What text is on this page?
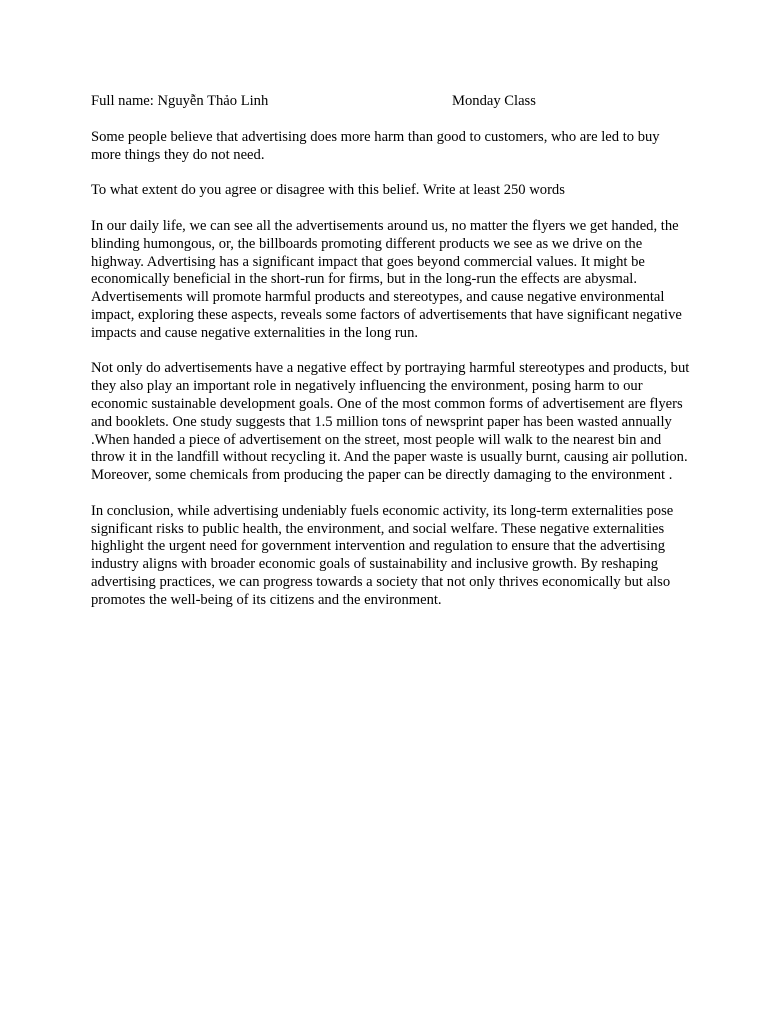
Full name: Nguyễn Thảo Linh	Monday Class

Some people believe that advertising does more harm than good to customers, who are led to buy more things they do not need.

To what extent do you agree or disagree with this belief. Write at least 250 words

In our daily life, we can see all the advertisements around us, no matter the flyers we get handed, the blinding humongous, or, the billboards promoting different products we see as we drive on the highway. Advertising has a significant impact that goes beyond commercial values. It might be economically beneficial in the short-run for firms, but in the long-run the effects are abysmal. Advertisements will promote harmful products and stereotypes, and cause negative environmental impact, exploring these aspects, reveals some factors of advertisements that have significant negative impacts and cause negative externalities in the long run.

Not only do advertisements have a negative effect by portraying harmful stereotypes and products, but they also play an important role in negatively influencing the environment, posing harm to our economic sustainable development goals. One of the most common forms of advertisement are flyers and booklets. One study suggests that 1.5 million tons of newsprint paper has been wasted annually .When handed a piece of advertisement on the street, most people will walk to the nearest bin and throw it in the landfill without recycling it. And the paper waste is usually burnt, causing air pollution. Moreover, some chemicals from producing the paper can be directly damaging to the environment .

In conclusion, while advertising undeniably fuels economic activity, its long-term externalities pose significant risks to public health, the environment, and social welfare. These negative externalities highlight the urgent need for government intervention and regulation to ensure that the advertising industry aligns with broader economic goals of sustainability and inclusive growth. By reshaping advertising practices, we can progress towards a society that not only thrives economically but also promotes the well-being of its citizens and the environment.
